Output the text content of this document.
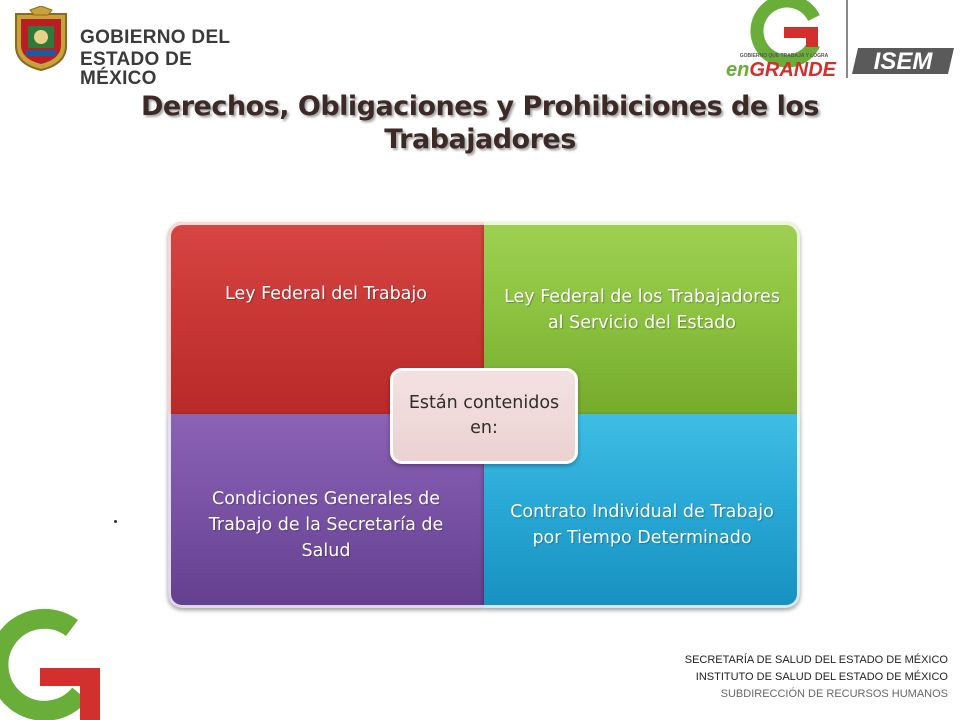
GOBIERNO DEL
ESTADO DE MÉXICO
GOBIERNO QUE TRABAJA Y LOGRA
enGRANDE ISEM
Derechos, Obligaciones y Prohibiciones de los Trabajadores
Ley Federal del Trabajo	Ley Federal de los Trabajadores al Servicio del Estado
Condiciones Generales de Trabajo de la Secretaría de Salud
Contrato Individual de Trabajo por Tiempo Determinado
Están contenidos en:
SECRETARÍA DE SALUD DEL ESTADO DE MÉXICO
INSTITUTO DE SALUD DEL ESTADO DE MÉXICO
SUBDIRECCIÓN DE RECURSOS HUMANOS
